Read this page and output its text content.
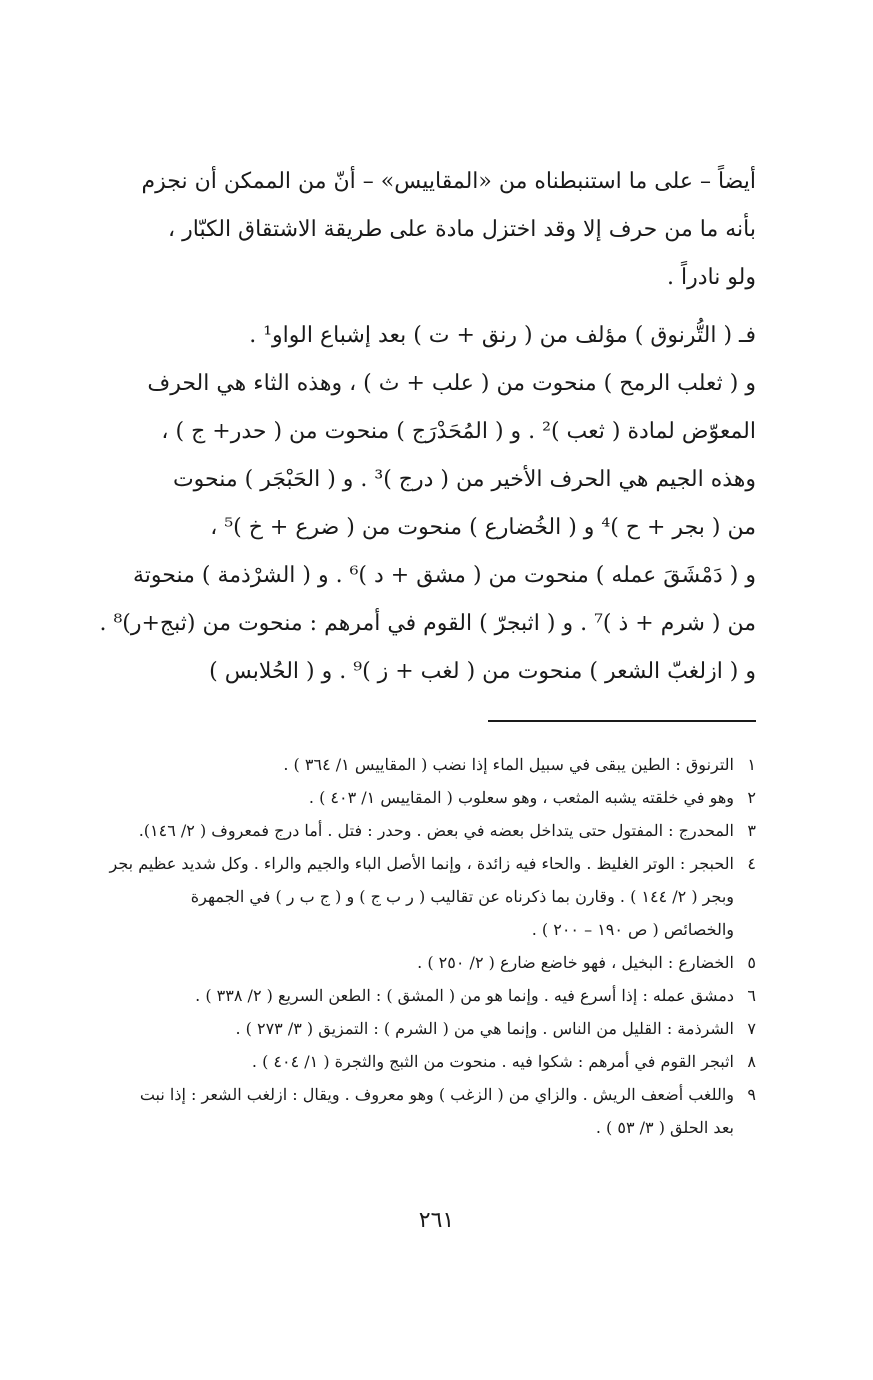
أيضاً – على ما استنبطناه من «المقاييس» – أنّ من الممكن أن نجزم
بأنه ما من حرف إلا وقد اختزل مادة على طريقة الاشتقاق الكبّار ،
ولو نادراً .

فـ ( التُّرنوق ) مؤلف من ( رنق + ت ) بعد إشباع الواو¹ .
و ( ثعلب الرمح ) منحوت من ( علب + ث ) ، وهذه الثاء هي الحرف
المعوّض لمادة ( ثعب )² . و ( المُحَدْرَج ) منحوت من ( حدر+ ج ) ،
وهذه الجيم هي الحرف الأخير من ( درج )³ . و ( الحَبْجَر ) منحوت
من ( بجر + ح )⁴ و ( الخُضارع ) منحوت من ( ضرع + خ )⁵ ،
و ( دَمْشَقَ عمله ) منحوت من ( مشق + د )⁶ . و ( الشرْذمة ) منحوتة
من ( شرم + ذ )⁷ . و ( اثبجرّ ) القوم في أمرهم : منحوت من (ثبج+ر)⁸ .
و ( ازلغبّ الشعر ) منحوت من ( لغب + ز )⁹ . و ( الحُلابس )

١
الترنوق : الطين يبقى في سبيل الماء إذا نضب ( المقاييس ١/ ٣٦٤ ) .
٢
وهو في خلقته يشبه المثعب ، وهو سعلوب ( المقاييس ١/ ٤٠٣ ) .
٣
المحدرج : المفتول حتى يتداخل بعضه في بعض . وحدر : فتل . أما درج فمعروف ( ٢/ ١٤٦).
٤
الحبجر : الوتر الغليظ . والحاء فيه زائدة ، وإنما الأصل الباء والجيم والراء . وكل شديد عظيم بجر
وبجر ( ٢/ ١٤٤ ) . وقارن بما ذكرناه عن تقاليب ( ر ب ج ) و ( ج ب ر ) في الجمهرة
والخصائص ( ص ١٩٠ – ٢٠٠ ) .
٥
الخضارع : البخيل ، فهو خاضع ضارع ( ٢/ ٢٥٠ ) .
٦
دمشق عمله : إذا أسرع فيه . وإنما هو من ( المشق ) : الطعن السريع ( ٢/ ٣٣٨ ) .
٧
الشرذمة : القليل من الناس . وإنما هي من ( الشرم ) : التمزيق ( ٣/ ٢٧٣ ) .
٨
اثبجر القوم في أمرهم : شكوا فيه . منحوت من الثبج والثجرة ( ١/ ٤٠٤ ) .
٩
واللغب أضعف الريش . والزاي من ( الزغب ) وهو معروف . ويقال : ازلغب الشعر : إذا نبت
بعد الحلق ( ٣/ ٥٣ ) .
٢٦١
